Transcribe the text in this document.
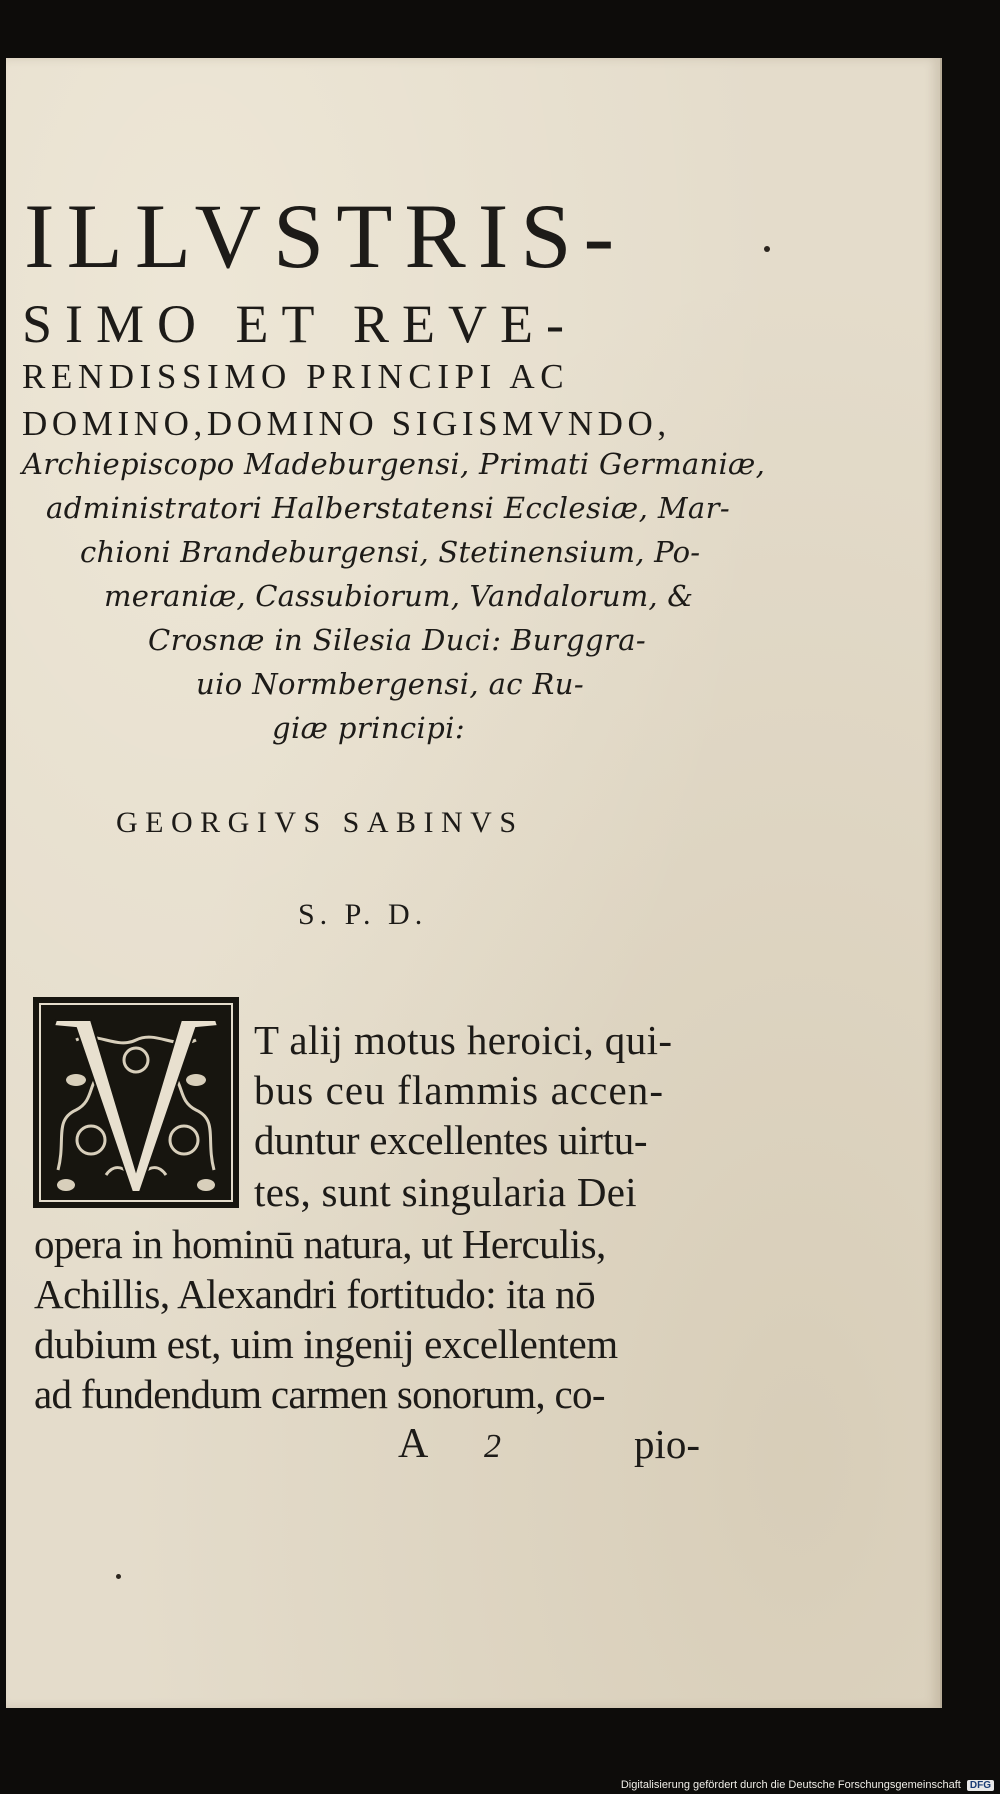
ILLVSTRIS-
SIMO ET REVE-
RENDISSIMO PRINCIPI AC
DOMINO,DOMINO SIGISMVNDO,
Archiepiscopo Madeburgensi, Primati Germaniæ,
administratori Halberstatensi Ecclesiæ, Mar-
chioni Brandeburgensi, Stetinensium, Po-
meraniæ, Cassubiorum, Vandalorum, &
Crosnæ in Silesia Duci: Burggra-
uio Normbergensi, ac Ru-
giæ principi:
GEORGIVS SABINVS
S. P. D.
T alij motus heroici, qui-
bus ceu flammis accen-
duntur excellentes uirtu-
tes, sunt singularia Dei
opera in hominū natura, ut Herculis,
Achillis, Alexandri fortitudo: ita nō
dubium est, uim ingenij excellentem
ad fundendum carmen sonorum, co-
A 2	pio-
Digitalisierung gefördert durch die Deutsche Forschungsgemeinschaft DFG
